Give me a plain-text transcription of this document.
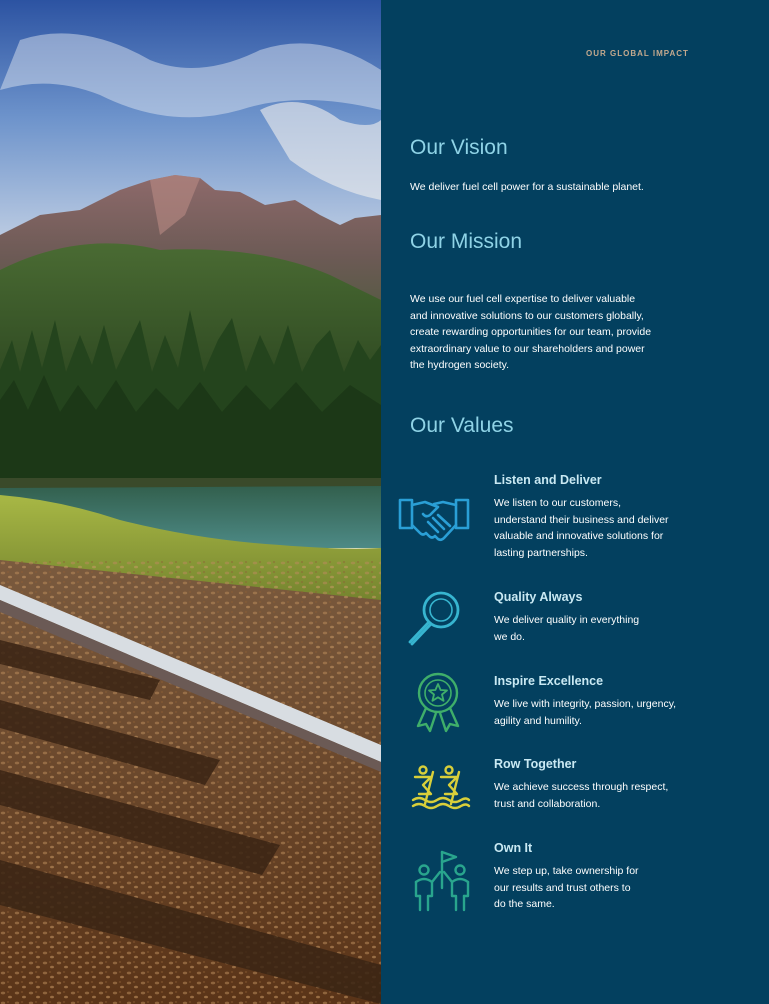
OUR GLOBAL IMPACT
Our Vision
We deliver fuel cell power for a sustainable planet.
Our Mission
We use our fuel cell expertise to deliver valuable
and innovative solutions to our customers globally,
create rewarding opportunities for our team, provide
extraordinary value to our shareholders and power
the hydrogen society.
Our Values
Listen and Deliver
We listen to our customers,
understand their business and deliver
valuable and innovative solutions for
lasting partnerships.
Quality Always
We deliver quality in everything
we do.
Inspire Excellence
We live with integrity, passion, urgency,
agility and humility.
Row Together
We achieve success through respect,
trust and collaboration.
Own It
We step up, take ownership for
our results and trust others to
do the same.
